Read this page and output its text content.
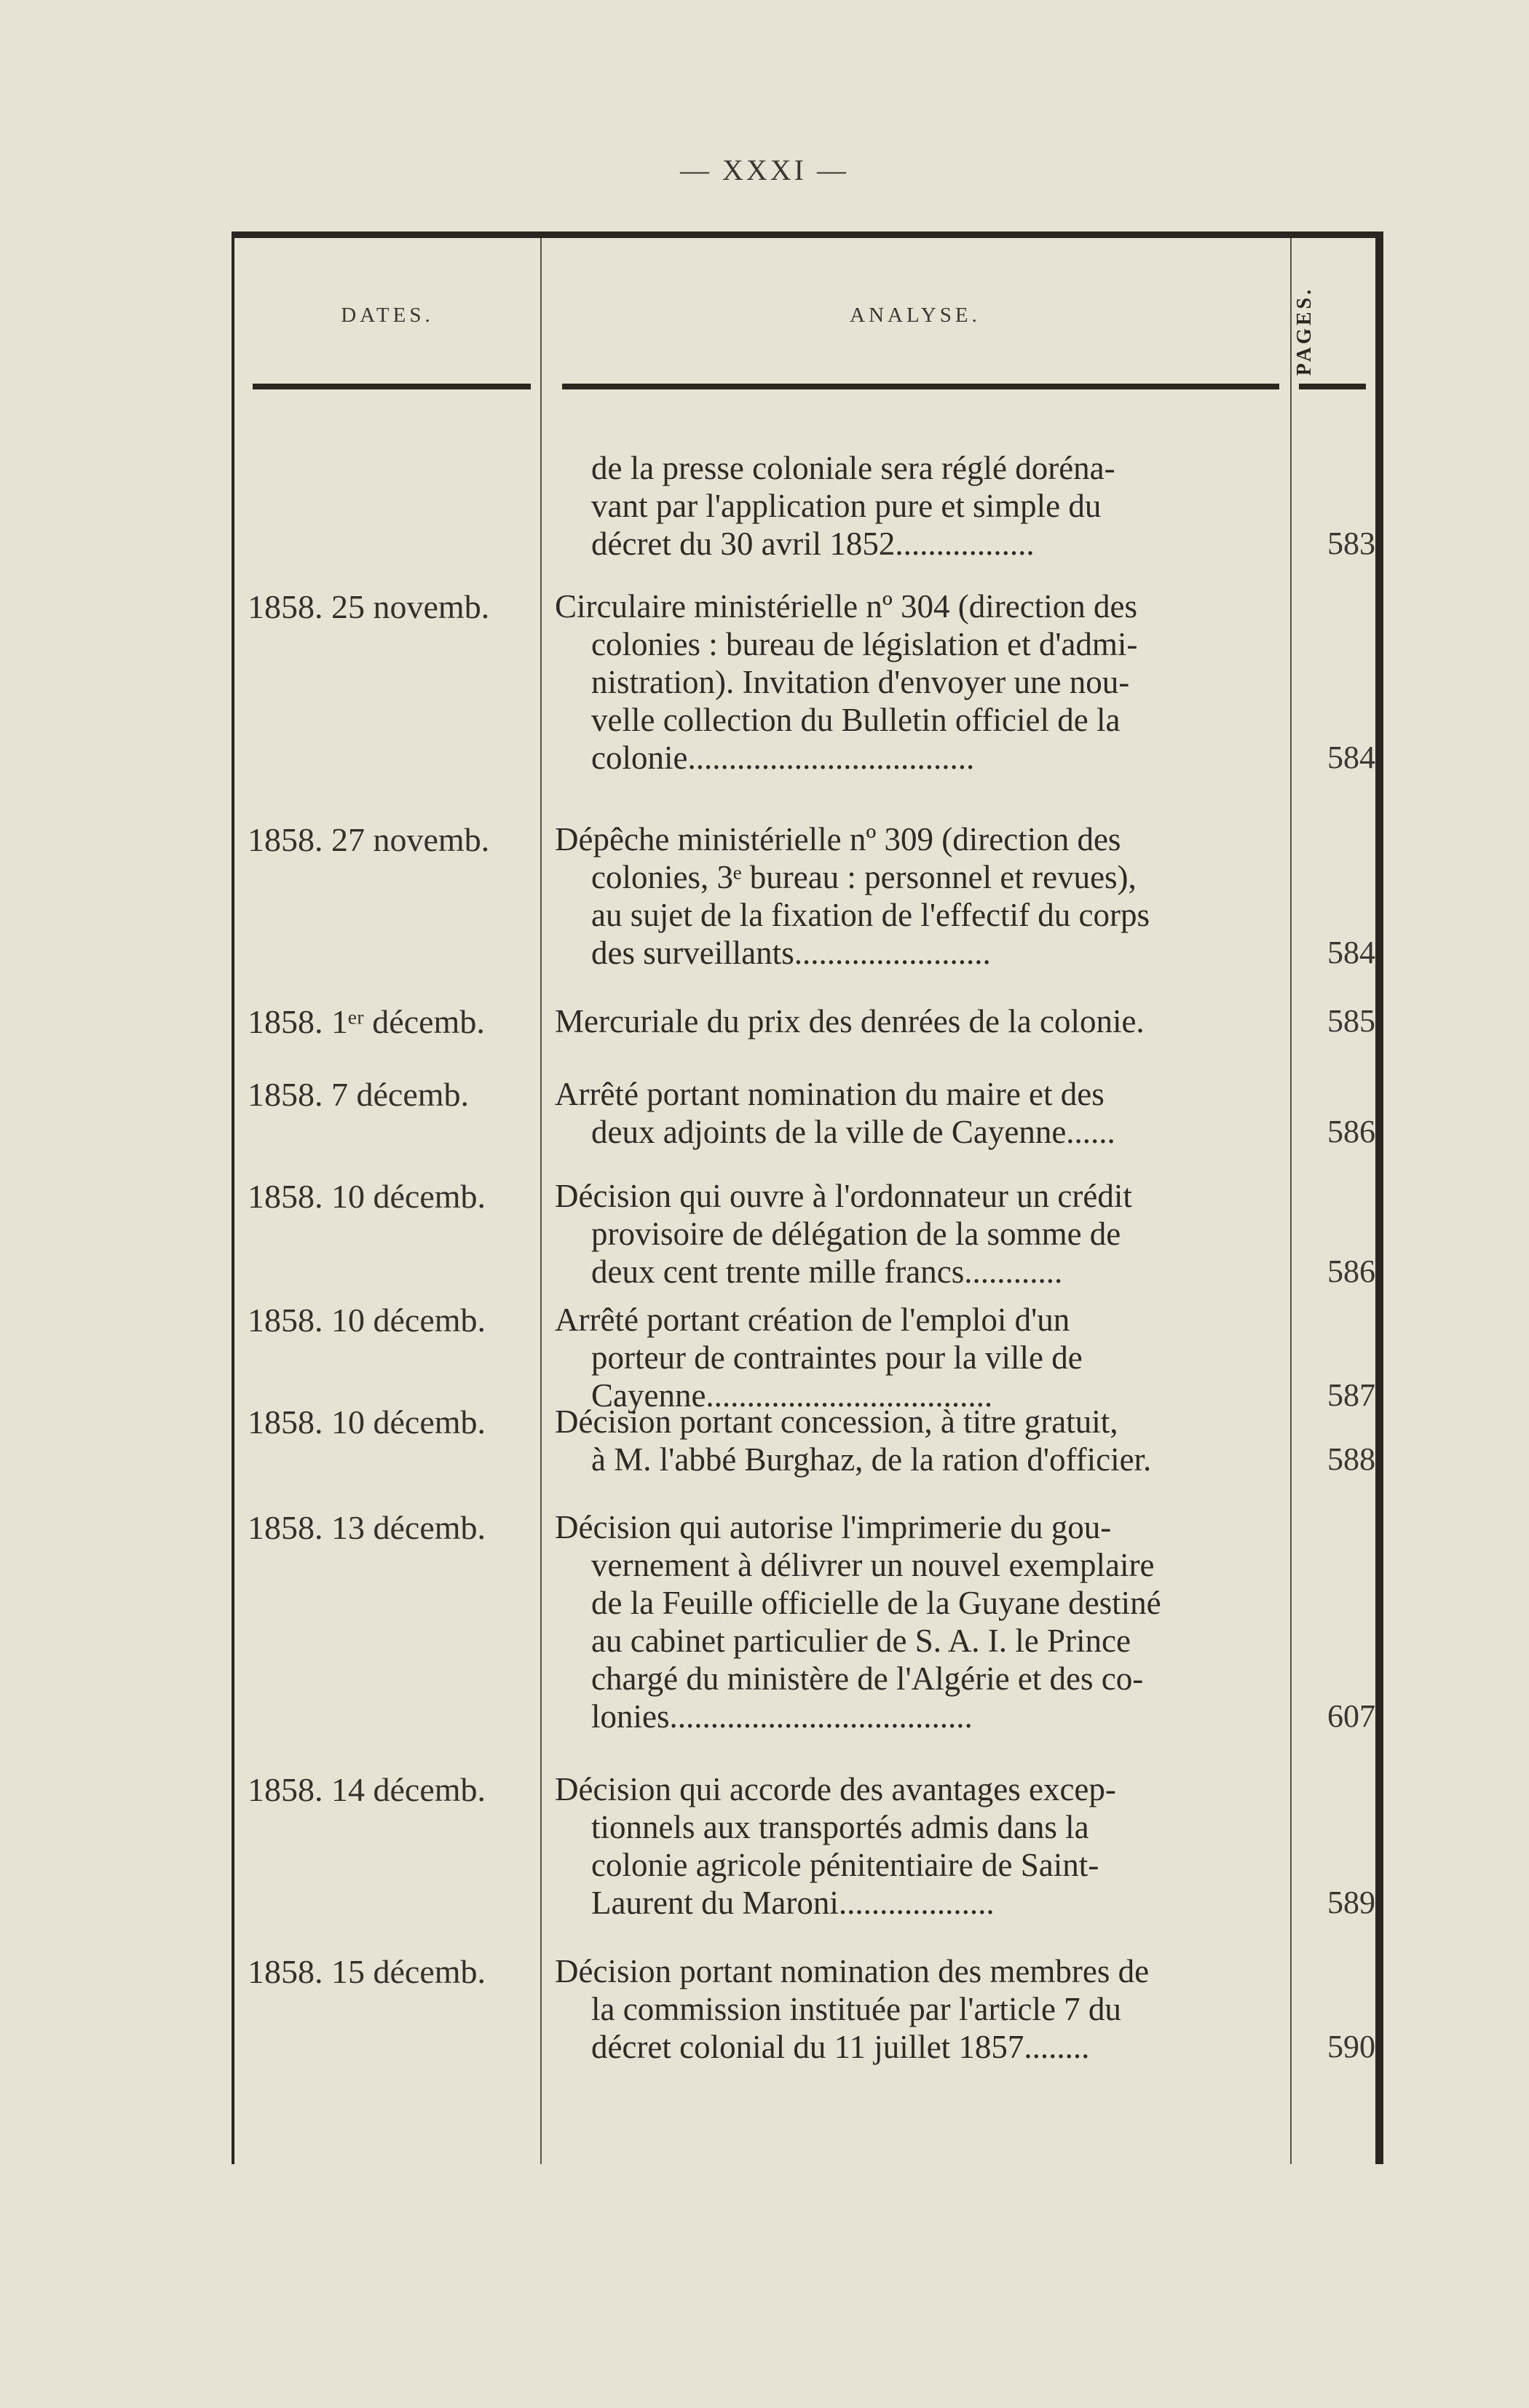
— XXXI —
DATES.	ANALYSE.	PAGES.
de la presse coloniale sera réglé doréna-
vant par l'application pure et simple du
décret du 30 avril 1852.................	583
1858. 25 novemb. Circulaire ministérielle nº 304 (direction des
colonies : bureau de législation et d'admi-
nistration). Invitation d'envoyer une nou-
velle collection du Bulletin officiel de la
colonie...................................	584
1858. 27 novemb. Dépêche ministérielle nº 309 (direction des
colonies, 3ᵉ bureau : personnel et revues),
au sujet de la fixation de l'effectif du corps
des surveillants........................	584
1858. 1ᵉʳ décemb. Mercuriale du prix des denrées de la colonie.	585
1858. 7 décemb.	Arrêté portant nomination du maire et des
deux adjoints de la ville de Cayenne......	586
1858. 10 décemb. Décision qui ouvre à l'ordonnateur un crédit
provisoire de délégation de la somme de
deux cent trente mille francs............	586
1858. 10 décemb. Arrêté portant création de l'emploi d'un
porteur de contraintes pour la ville de
Cayenne...................................	587
1858. 10 décemb. Décision portant concession, à titre gratuit,
à M. l'abbé Burghaz, de la ration d'officier.	588
1858. 13 décemb. Décision qui autorise l'imprimerie du gou-
vernement à délivrer un nouvel exemplaire
de la Feuille officielle de la Guyane destiné
au cabinet particulier de S. A. I. le Prince
chargé du ministère de l'Algérie et des co-
lonies.....................................	607
1858. 14 décemb. Décision qui accorde des avantages excep-
tionnels aux transportés admis dans la
colonie agricole pénitentiaire de Saint-
Laurent du Maroni...................	589
1858. 15 décemb. Décision portant nomination des membres de
la commission instituée par l'article 7 du
décret colonial du 11 juillet 1857........	590
